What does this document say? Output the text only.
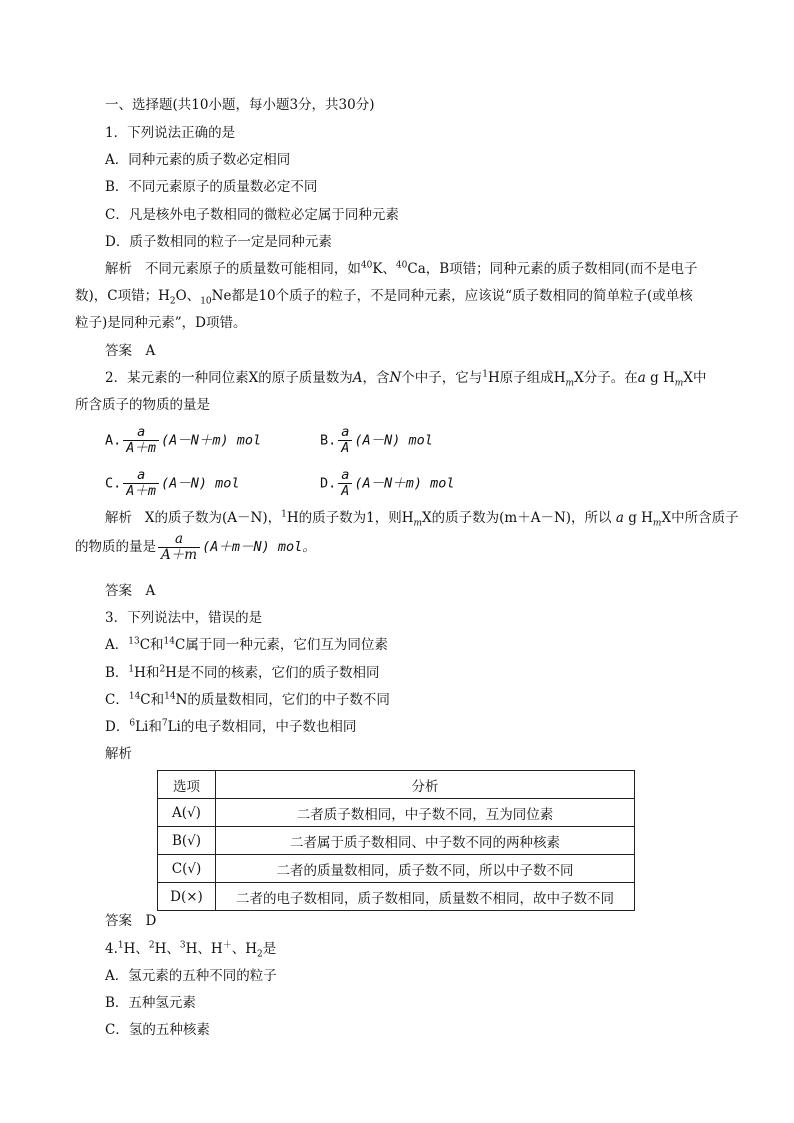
一、选择题(共10小题，每小题3分，共30分)
1．下列说法正确的是
A．同种元素的质子数必定相同
B．不同元素原子的质量数必定不同
C．凡是核外电子数相同的微粒必定属于同种元素
D．质子数相同的粒子一定是同种元素
解析 不同元素原子的质量数可能相同，如$^{40}$K、$^{40}$Ca，B项错；同种元素的质子数相同(而不是电子
数)，C项错；$H_2O$、$_{10}$Ne都是10个质子的粒子，不是同种元素，应该说“质子数相同的简单粒子(或单核
粒子)是同种元素”，D项错。
答案　A
2．某元素的一种同位素X的原子质量数为A，含N个中子，它与$^1$H原子组成$H_mX$分子。在a g $H_mX$中
所含质子的物质的量是
A. $\frac{a}{A+m} (A-N+m)$ mol	B. $\frac{a}{A} (A-N)$ mol
C. $\frac{a}{A+m} (A-N)$ mol	D. $\frac{a}{A} (A-N+m)$ mol
解析 X的质子数为(A－N)，$^1$H的质子数为1，则$H_mX$的质子数为(m＋A－N)，所以 a g $H_mX$中所含质子
的物质的量是 $\frac{a}{A+m} (A+m-N)$ mol。
答案　A
3．下列说法中，错误的是
A．$^{13}$C和$^{14}$C属于同一种元素，它们互为同位素
B．$^1$H和$^2$H是不同的核素，它们的质子数相同
C．$^{14}$C和$^{14}$N的质量数相同，它们的中子数不同
D．$^6$Li和$^7$Li的电子数相同，中子数也相同
解析
选项	分析
A(√)	二者质子数相同，中子数不同，互为同位素
B(√)	二者属于质子数相同、中子数不同的两种核素
C(√)	二者的质量数相同，质子数不同，所以中子数不同
D(×)	二者的电子数相同，质子数相同，质量数不相同，故中子数不同
答案　D
4.$^1$H、$^2$H、$^3$H、H＋、$H_2$是
A．氢元素的五种不同的粒子
B．五种氢元素
C．氢的五种核素
